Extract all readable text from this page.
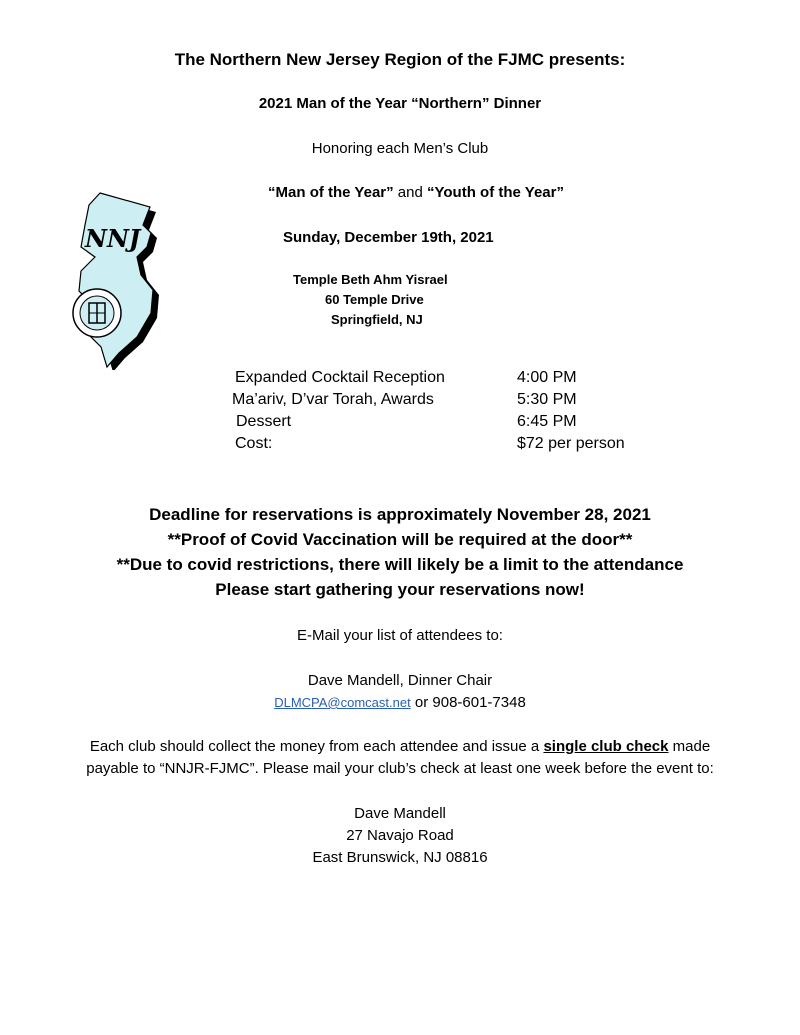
The Northern New Jersey Region of the FJMC presents:
2021 Man of the Year “Northern” Dinner
Honoring each Men’s Club
“Man of the Year” and “Youth of the Year”
Sunday, December 19th, 2021
NNJ
Temple Beth Ahm Yisrael
60 Temple Drive
Springfield, NJ
Expanded Cocktail Reception	4:00 PM
Ma’ariv, D’var Torah, Awards	5:30 PM
Dessert	6:45 PM
Cost:	$72 per person
Deadline for reservations is approximately November 28, 2021
**Proof of Covid Vaccination will be required at the door**
**Due to covid restrictions, there will likely be a limit to the attendance
Please start gathering your reservations now!
E-Mail your list of attendees to:
Dave Mandell, Dinner Chair
DLMCPA@comcast.net or 908-601-7348
Each club should collect the money from each attendee and issue a single club check made
payable to “NNJR-FJMC”. Please mail your club’s check at least one week before the event to:
Dave Mandell
27 Navajo Road
East Brunswick, NJ 08816
